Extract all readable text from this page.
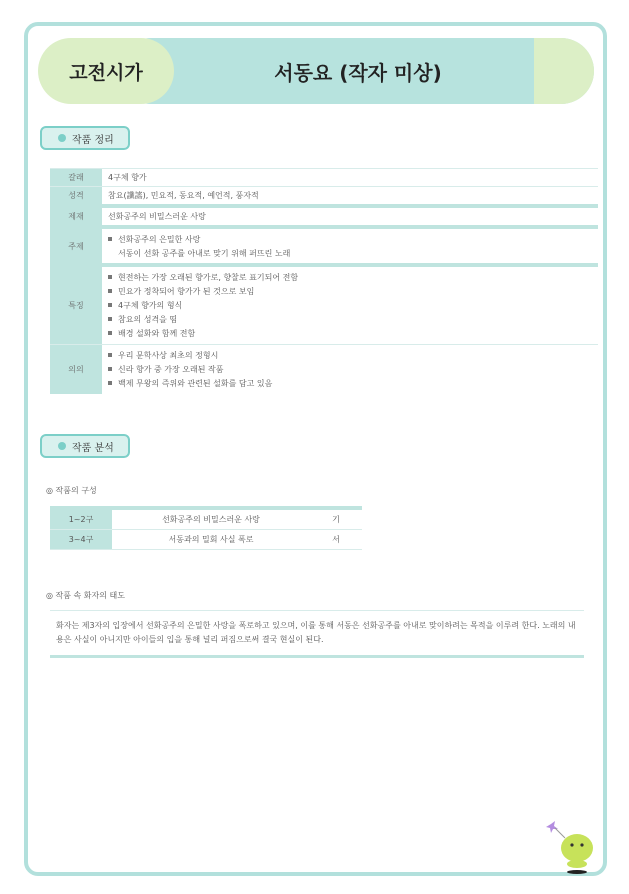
고전시가	서동요 (작자 미상)
작품 정리
갈래	4구체 향가
성격	참요(讖謠), 민요적, 동요적, 예언적, 풍자적
제재	선화공주의 비밀스러운 사랑
주제	선화공주의 은밀한 사랑
서동이 선화 공주를 아내로 맞기 위해 퍼뜨린 노래

특징	현전하는 가장 오래된 향가로, 향찰로 표기되어 전함
민요가 정착되어 향가가 된 것으로 보임
4구체 향가의 형식
참요의 성격을 띰
배경 설화와 함께 전함

의의	우리 문학사상 최초의 정형시
신라 향가 중 가장 오래된 작품
백제 무왕의 즉위와 관련된 설화를 담고 있음
작품 분석
◎ 작품의 구성
1~2구	선화공주의 비밀스러운 사랑	기
3~4구	서동과의 밀회 사실 폭로	서
◎ 작품 속 화자의 태도
화자는 제3자의 입장에서 선화공주의 은밀한 사랑을 폭로하고 있으며, 이를 통해 서동은 선화공주를 아내로 맞이하려는 목적을 이루려 한다. 노래의 내용은 사실이 아니지만 아이들의 입을 통해 널리 퍼짐으로써 결국 현실이 된다.
